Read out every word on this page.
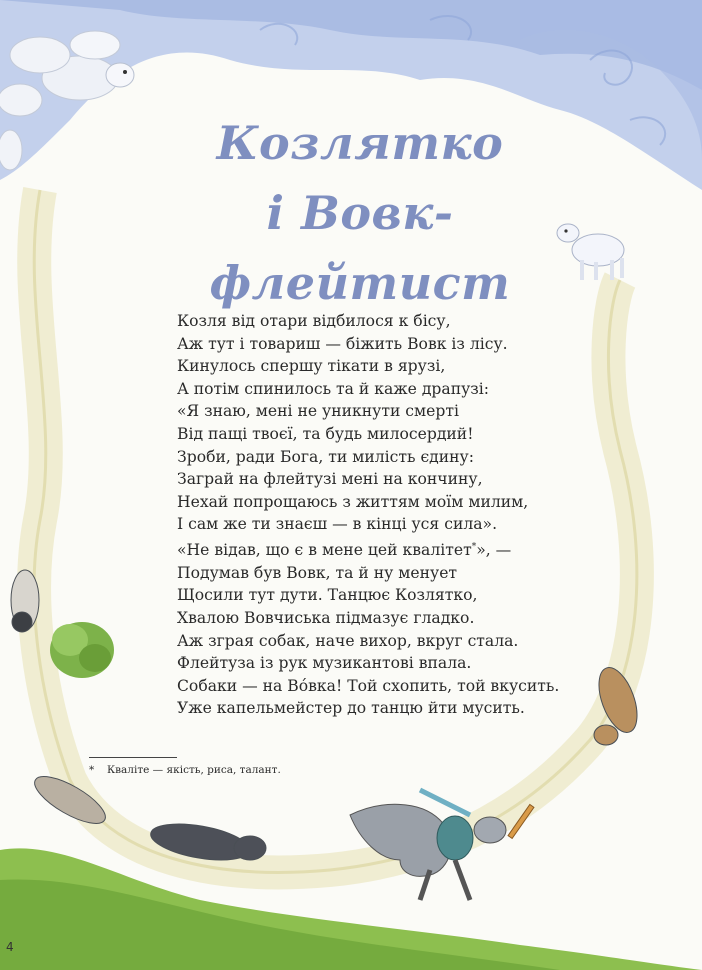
Козлятко
і Вовк-флейтист
Козля від отари відбилося к бісу,
Аж тут і товариш — біжить Вовк із лісу.
Кинулось спершу тікати в ярузі,
А потім спинилось та й каже драпузі:
«Я знаю, мені не уникнути смерті
Від пащі твоєї, та будь милосердий!
Зроби, ради Бога, ти милість єдину:
Заграй на флейтузі мені на кончину,
Нехай попрощаюсь з життям моїм милим,
І сам же ти знаєш — в кінці уся сила».
«Не відав, що є в мене цей квалітет*», —
Подумав був Вовк, та й ну менует
Щосили тут дути. Танцює Козлятко,
Хвалою Вовчиська підмазує гладко.
Аж зграя собак, наче вихор, вкруг стала.
Флейтуза із рук музикантові впала.
Собаки — на Во́вка! Той схопить, той вкусить.
Уже капельмейстер до танцю йти мусить.
* Кваліте — якість, риса, талант.
4
